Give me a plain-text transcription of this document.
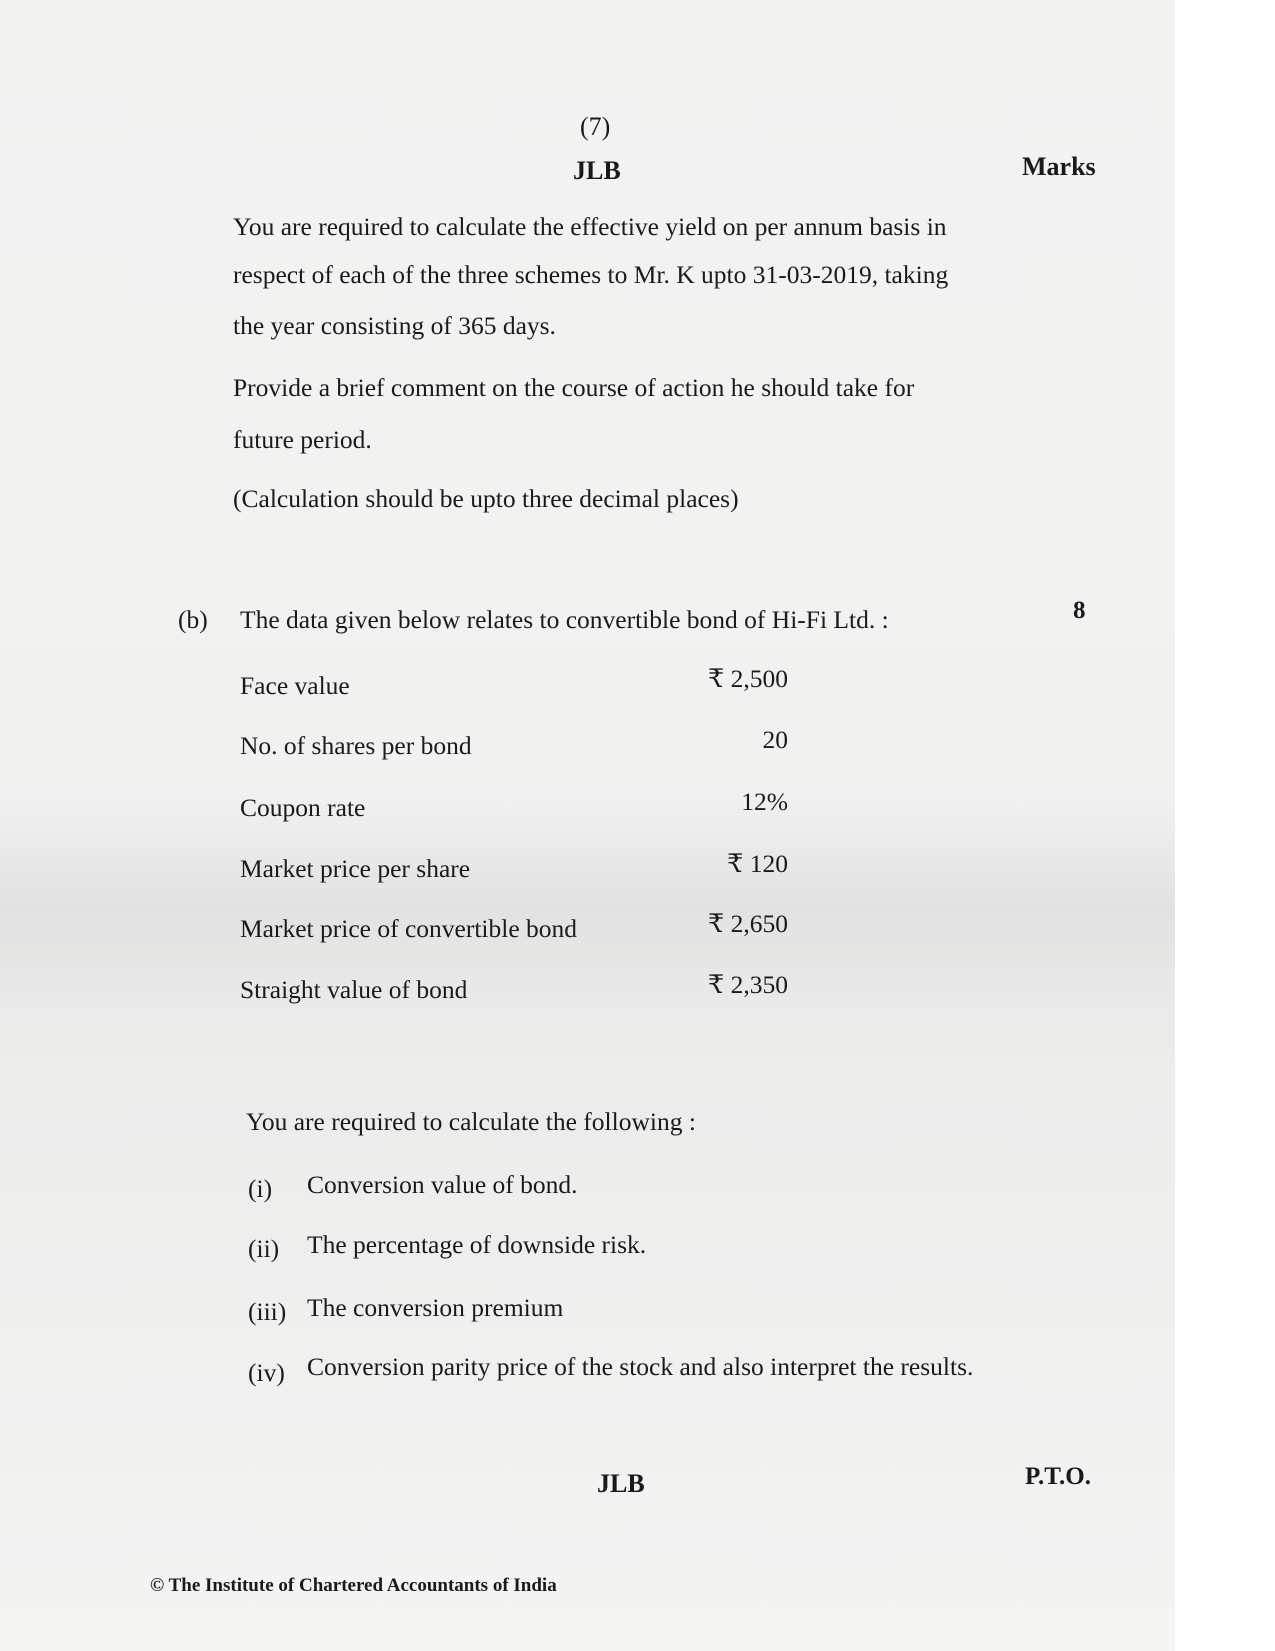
(7)
JLB	Marks
You are required to calculate the effective yield on per annum basis in
respect of each of the three schemes to Mr. K upto 31-03-2019, taking
the year consisting of 365 days.
Provide a brief comment on the course of action he should take for
future period.
(Calculation should be upto three decimal places)
(b) The data given below relates to convertible bond of Hi-Fi Ltd. :	8
Face value	₹ 2,500
No. of shares per bond	20
Coupon rate	12%
Market price per share	₹ 120
Market price of convertible bond	₹ 2,650
Straight value of bond	₹ 2,350
You are required to calculate the following :
(i) Conversion value of bond.
(ii) The percentage of downside risk.
(iii) The conversion premium
(iv) Conversion parity price of the stock and also interpret the results.
JLB	P.T.O.
© The Institute of Chartered Accountants of India
